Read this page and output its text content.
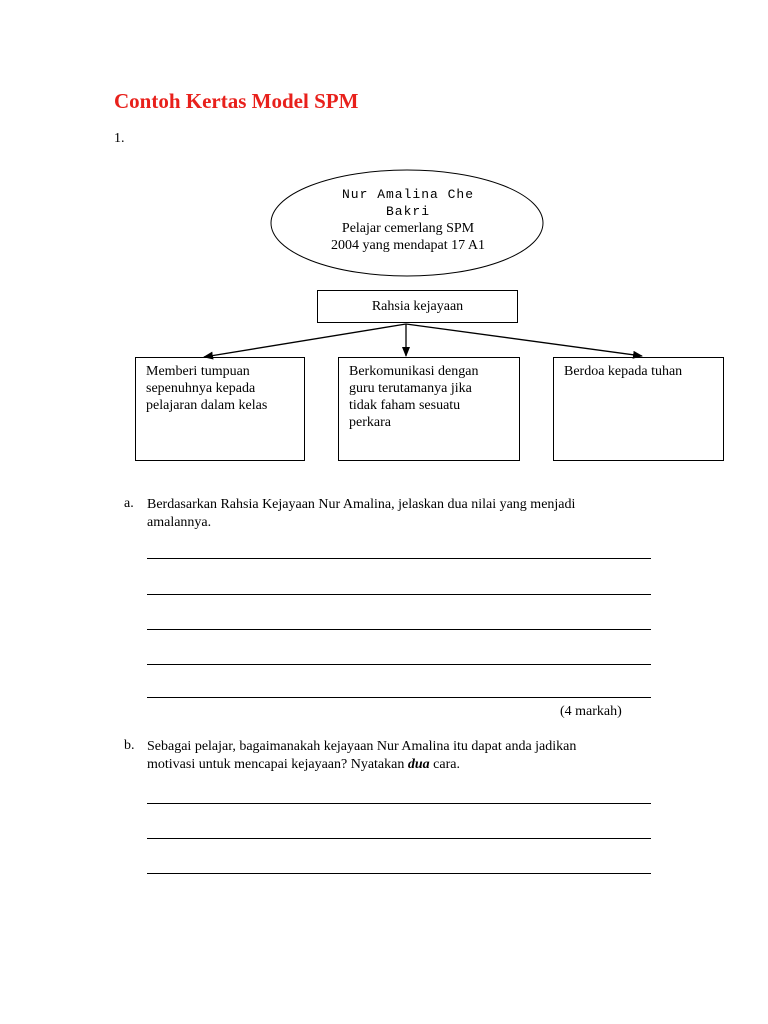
Contoh Kertas Model SPM
1.
Nur Amalina Che
Bakri
Pelajar cemerlang SPM
2004 yang mendapat 17 A1
Rahsia kejayaan
Memberi tumpuan
sepenuhnya kepada
pelajaran dalam kelas
Berkomunikasi dengan
guru terutamanya jika
tidak faham sesuatu
perkara
Berdoa kepada tuhan
a. Berdasarkan Rahsia Kejayaan Nur Amalina, jelaskan dua nilai yang menjadi
amalannya.
(4 markah)
b. Sebagai pelajar, bagaimanakah kejayaan Nur Amalina itu dapat anda jadikan
motivasi untuk mencapai kejayaan? Nyatakan dua cara.
